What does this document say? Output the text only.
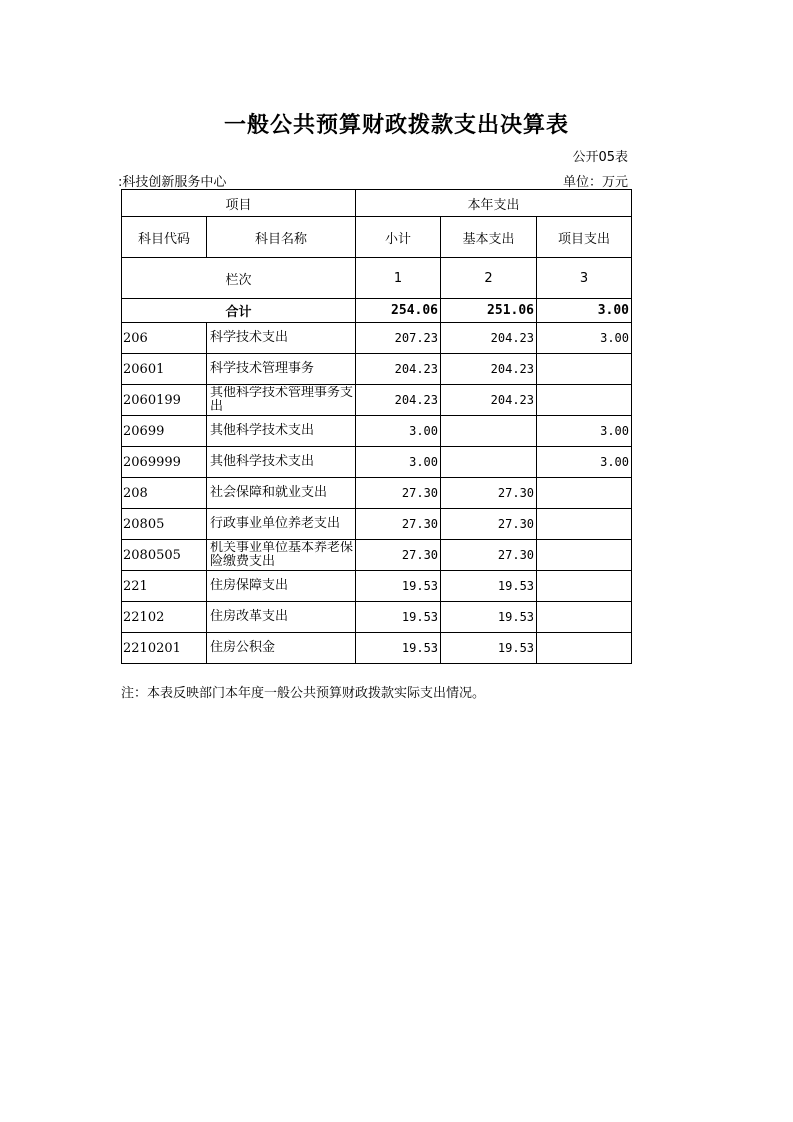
一般公共预算财政拨款支出决算表
公开05表
:科技创新服务中心	单位：万元
项目		本年支出		
科目代码	科目名称	小计	基本支出	项目支出
栏次		1	2	3
合计		254.06	251.06	3.00
206	科学技术支出	207.23	204.23	3.00
20601	科学技术管理事务	204.23	204.23	
2060199	其他科学技术管理事务支出	204.23	204.23	
20699	其他科学技术支出	3.00		3.00
2069999	其他科学技术支出	3.00		3.00
208	社会保障和就业支出	27.30	27.30	
20805	行政事业单位养老支出	27.30	27.30	
2080505	机关事业单位基本养老保险缴费支出	27.30	27.30	
221	住房保障支出	19.53	19.53	
22102	住房改革支出	19.53	19.53	
2210201	住房公积金	19.53	19.53	
注：本表反映部门本年度一般公共预算财政拨款实际支出情况。
